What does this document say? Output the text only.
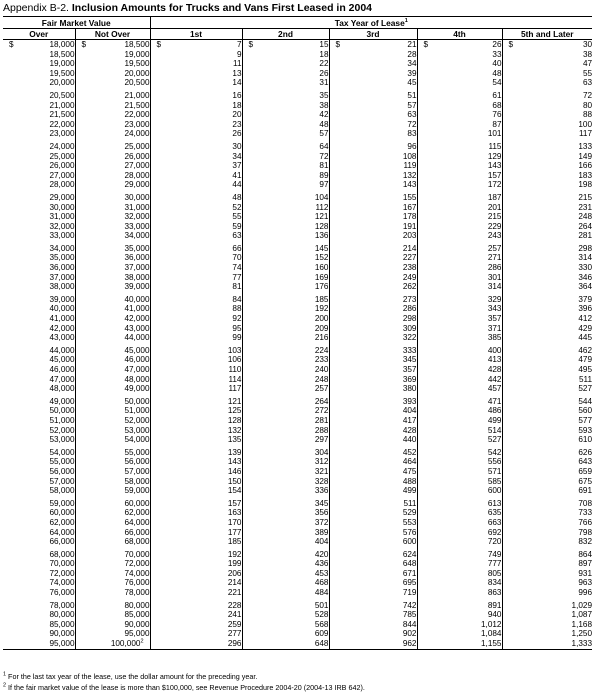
Appendix B-2. Inclusion Amounts for Trucks and Vans First Leased in 2004
Fair Market Value		Tax Year of Lease$^1$
Over	Not Over	1st	2nd	3rd	4th	5th and Later

$ 18,000	$ 18,500	$ 7	$ 15	$ 21	$ 26	$ 30
18,500	19,000	9	18	28	33	38
19,000	19,500	11	22	34	40	47
19,500	20,000	13	26	39	48	55
20,000	20,500	14	31	45	54	63

20,500	21,000	16	35	51	61	72
21,000	21,500	18	38	57	68	80
21,500	22,000	20	42	63	76	88
22,000	23,000	23	48	72	87	100
23,000	24,000	26	57	83	101	117

24,000	25,000	30	64	96	115	133
25,000	26,000	34	72	108	129	149
26,000	27,000	37	81	119	143	166
27,000	28,000	41	89	132	157	183
28,000	29,000	44	97	143	172	198

29,000	30,000	48	104	155	187	215
30,000	31,000	52	112	167	201	231
31,000	32,000	55	121	178	215	248
32,000	33,000	59	128	191	229	264
33,000	34,000	63	136	203	243	281

34,000	35,000	66	145	214	257	298
35,000	36,000	70	152	227	271	314
36,000	37,000	74	160	238	286	330
37,000	38,000	77	169	249	301	346
38,000	39,000	81	176	262	314	364

39,000	40,000	84	185	273	329	379
40,000	41,000	88	192	286	343	396
41,000	42,000	92	200	298	357	412
42,000	43,000	95	209	309	371	429
43,000	44,000	99	216	322	385	445

44,000	45,000	103	224	333	400	462
45,000	46,000	106	233	345	413	479
46,000	47,000	110	240	357	428	495
47,000	48,000	114	248	369	442	511
48,000	49,000	117	257	380	457	527

49,000	50,000	121	264	393	471	544
50,000	51,000	125	272	404	486	560
51,000	52,000	128	281	417	499	577
52,000	53,000	132	288	428	514	593
53,000	54,000	135	297	440	527	610

54,000	55,000	139	304	452	542	626
55,000	56,000	143	312	464	556	643
56,000	57,000	146	321	475	571	659
57,000	58,000	150	328	488	585	675
58,000	59,000	154	336	499	600	691

59,000	60,000	157	345	511	613	708
60,000	62,000	163	356	529	635	733
62,000	64,000	170	372	553	663	766
64,000	66,000	177	389	576	692	798
66,000	68,000	185	404	600	720	832

68,000	70,000	192	420	624	749	864
70,000	72,000	199	436	648	777	897
72,000	74,000	206	453	671	805	931
74,000	76,000	214	468	695	834	963
76,000	78,000	221	484	719	863	996

78,000	80,000	228	501	742	891	1,029
80,000	85,000	241	528	785	940	1,087
85,000	90,000	259	568	844	1,012	1,168
90,000	95,000	277	609	902	1,084	1,250
95,000	100,000$^2$	296	648	962	1,155	1,333
$^1$ For the last tax year of the lease, use the dollar amount for the preceding year.
$^2$ If the fair market value of the lease is more than $100,000, see Revenue Procedure 2004-20 (2004-13 IRB 642).
